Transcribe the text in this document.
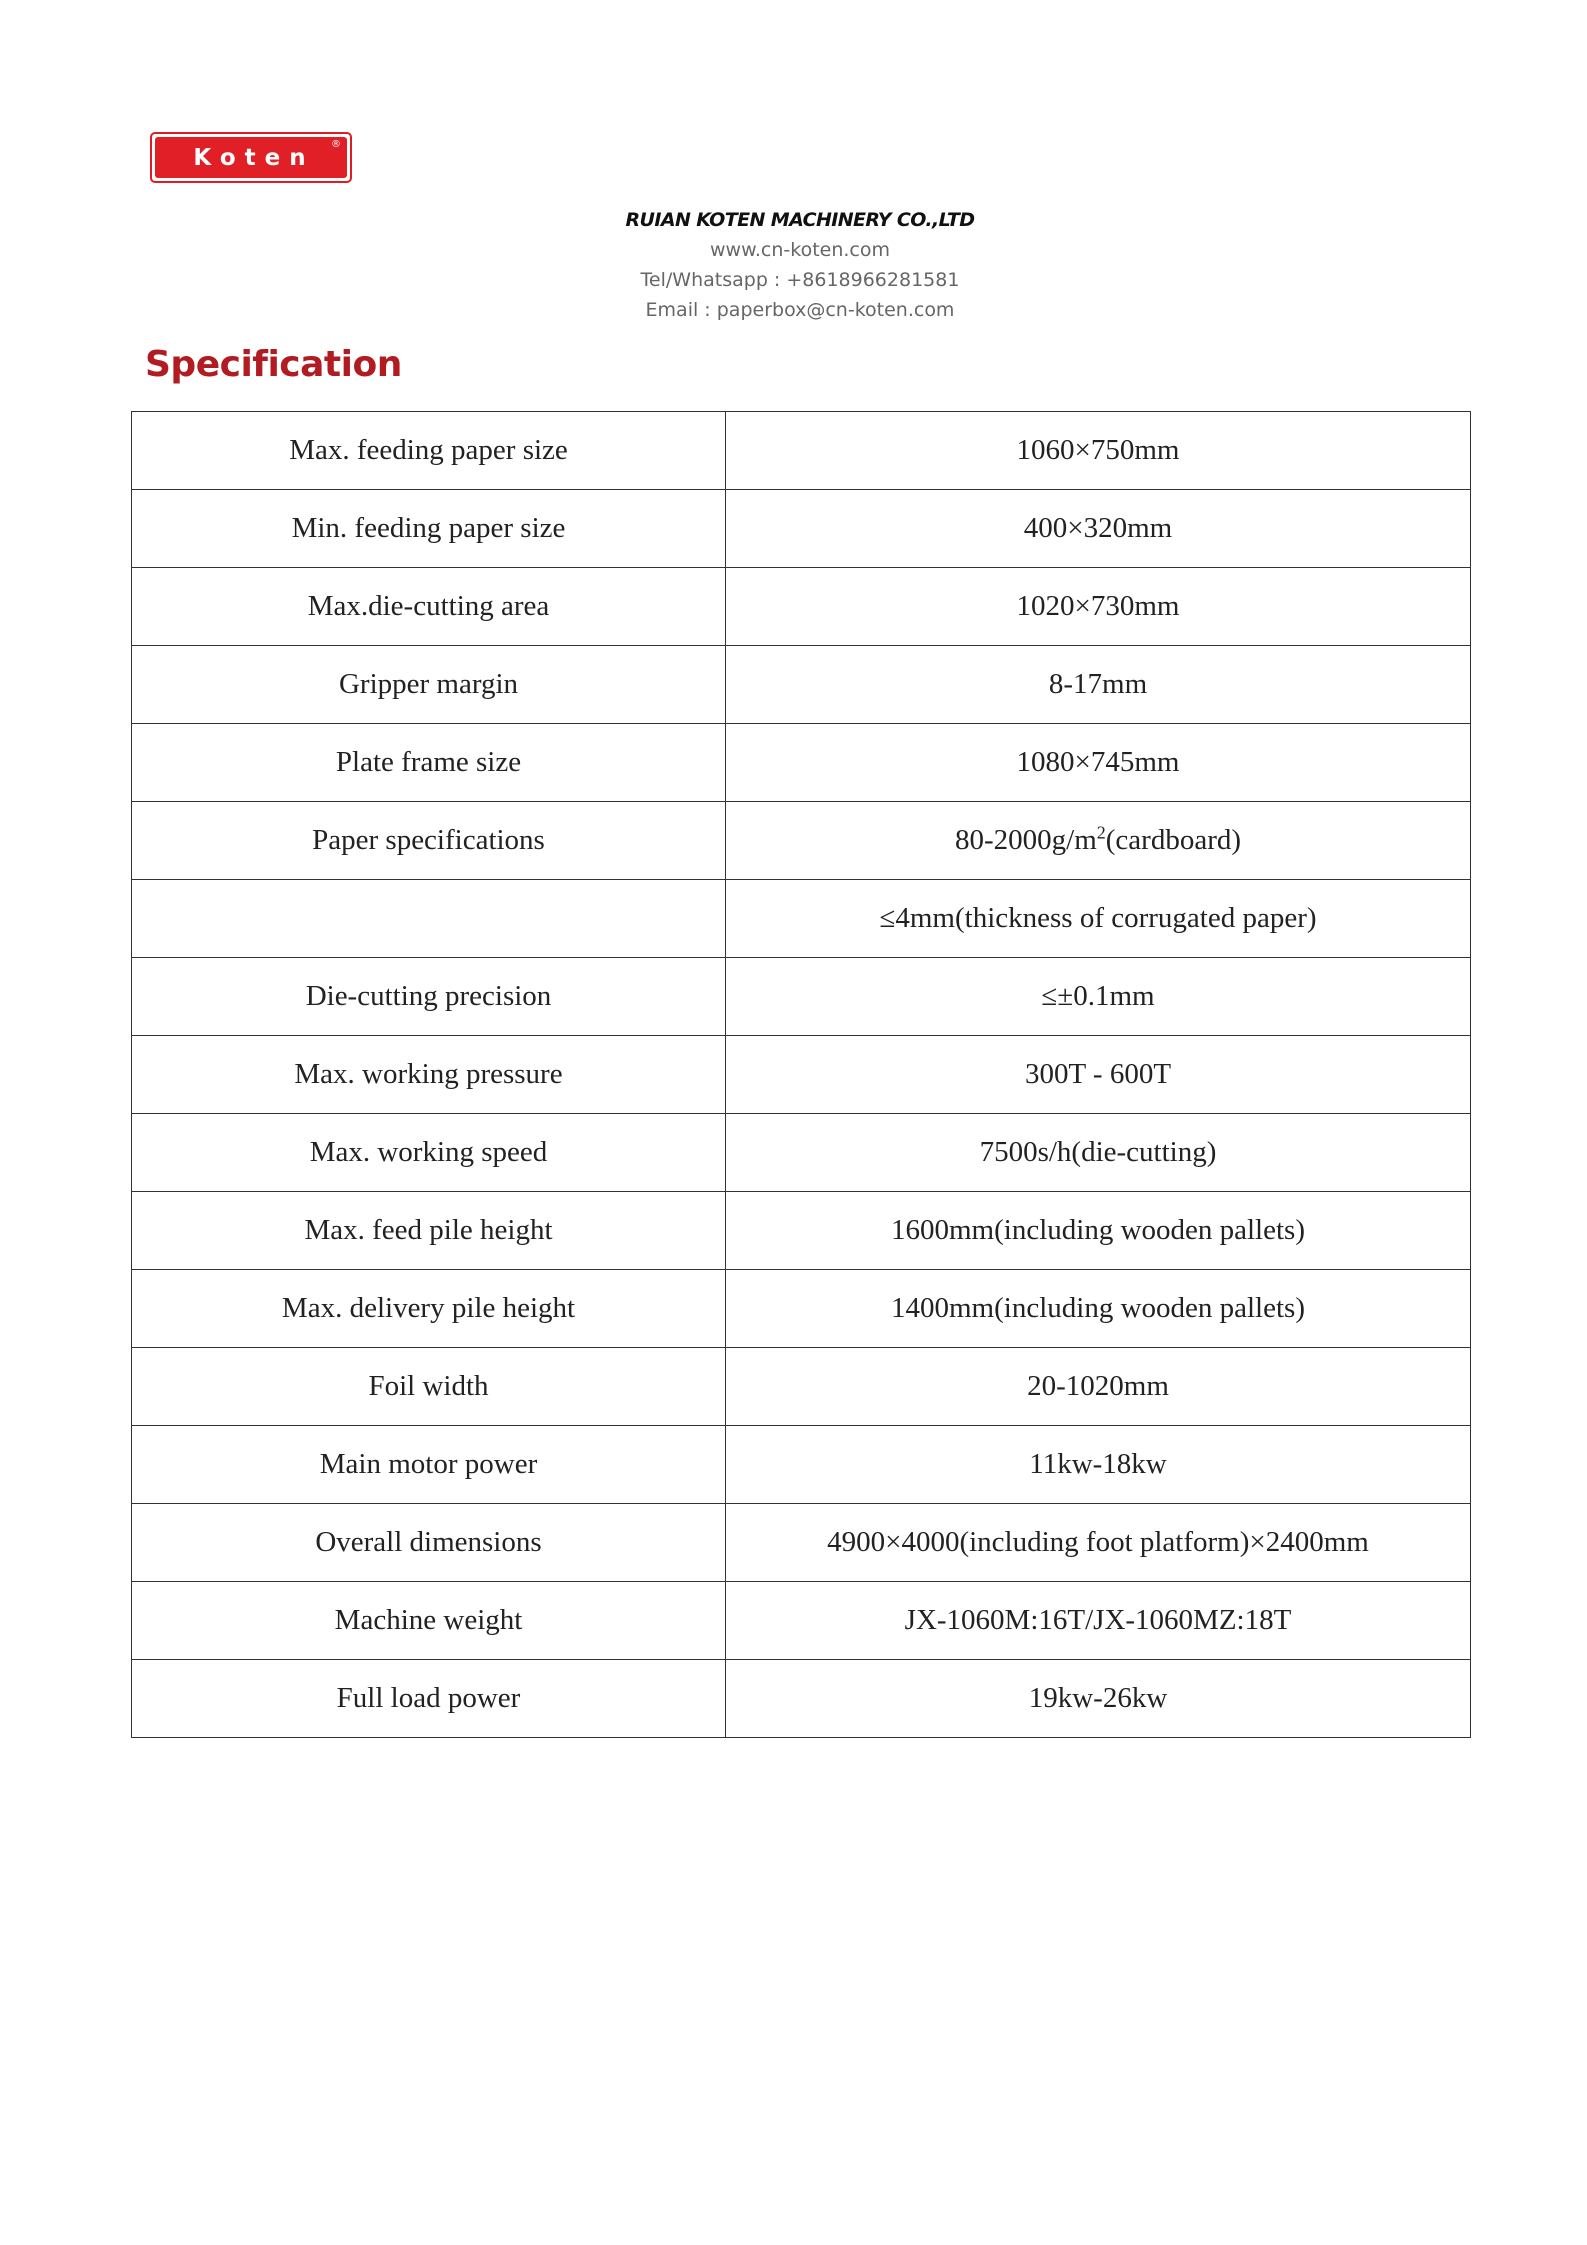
Koten ®
RUIAN KOTEN MACHINERY CO.,LTD
www.cn-koten.com
Tel/Whatsapp : +8618966281581
Email : paperbox@cn-koten.com
Specification
Max. feeding paper size	1060×750mm
Min. feeding paper size	400×320mm
Max.die-cutting area	1020×730mm
Gripper margin	8-17mm
Plate frame size	1080×745mm
Paper specifications	$80-2000g/m^2(cardboard)$
	≤4mm(thickness of corrugated paper)
Die-cutting precision	≤±0.1mm
Max. working pressure	300T - 600T
Max. working speed	7500s/h(die-cutting)
Max. feed pile height	1600mm(including wooden pallets)
Max. delivery pile height	1400mm(including wooden pallets)
Foil width	20-1020mm
Main motor power	11kw-18kw
Overall dimensions	4900×4000(including foot platform)×2400mm
Machine weight	JX-1060M:16T/JX-1060MZ:18T
Full load power	19kw-26kw
